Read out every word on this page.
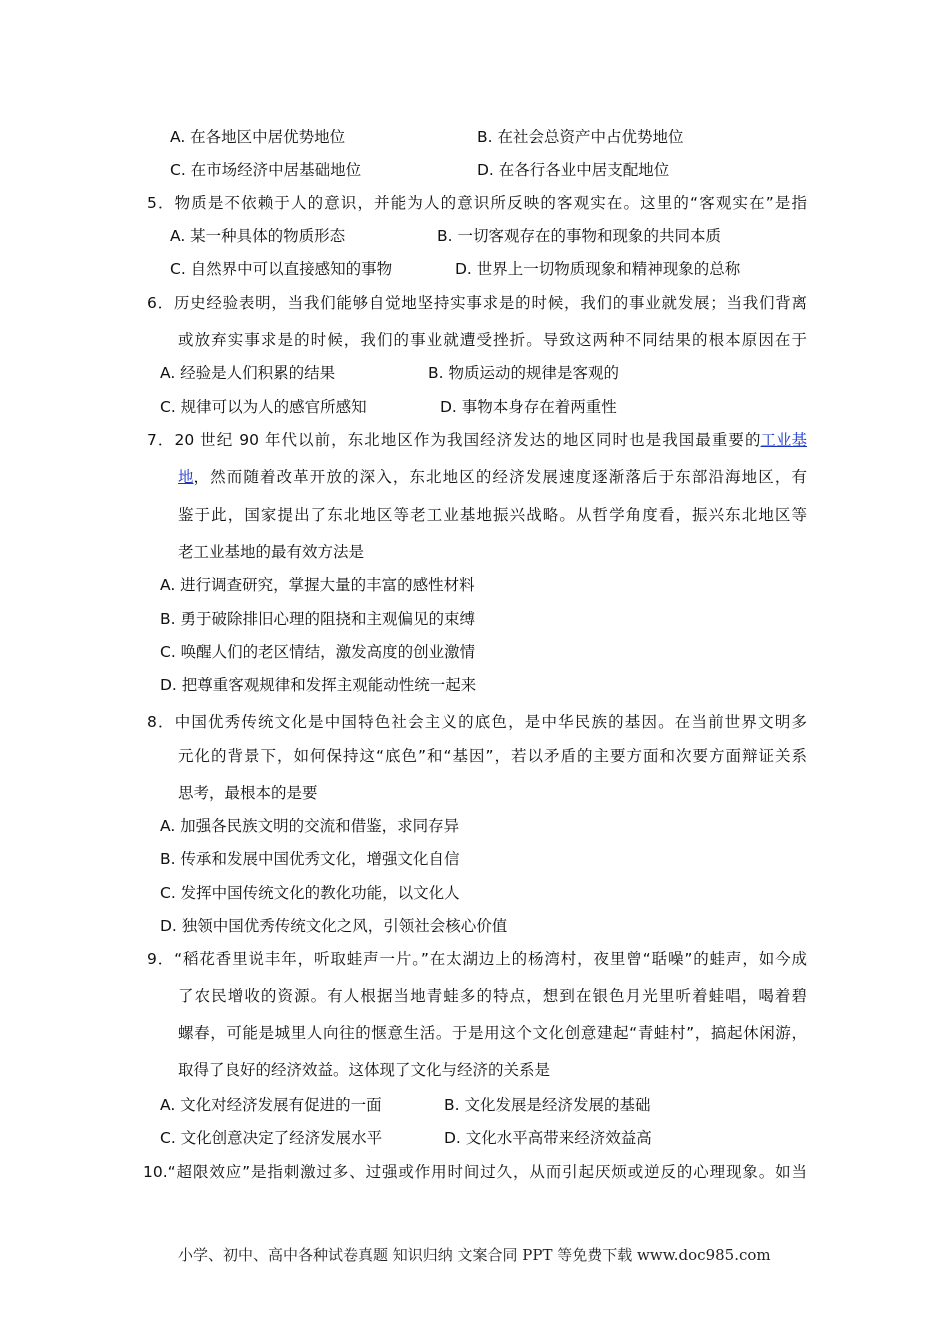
A. 在各地区中居优势地位	B. 在社会总资产中占优势地位
C. 在市场经济中居基础地位	D. 在各行各业中居支配地位
5．物质是不依赖于人的意识，并能为人的意识所反映的客观实在。这里的“客观实在”是指
A. 某一种具体的物质形态	B. 一切客观存在的事物和现象的共同本质
C. 自然界中可以直接感知的事物	D. 世界上一切物质现象和精神现象的总称
6．历史经验表明，当我们能够自觉地坚持实事求是的时候，我们的事业就发展；当我们背离
或放弃实事求是的时候，我们的事业就遭受挫折。导致这两种不同结果的根本原因在于
A. 经验是人们积累的结果	B. 物质运动的规律是客观的
C. 规律可以为人的感官所感知	D. 事物本身存在着两重性
7．20 世纪 90 年代以前，东北地区作为我国经济发达的地区同时也是我国最重要的 工业基
地 ，然而随着改革开放的深入，东北地区的经济发展速度逐渐落后于东部沿海地区，有
鉴于此，国家提出了东北地区等老工业基地振兴战略。从哲学角度看，振兴东北地区等
老工业基地的最有效方法是
A. 进行调查研究，掌握大量的丰富的感性材料
B. 勇于破除排旧心理的阻挠和主观偏见的束缚
C. 唤醒人们的老区情结，激发高度的创业激情
D. 把尊重客观规律和发挥主观能动性统一起来
8．中国优秀传统文化是中国特色社会主义的底色，是中华民族的基因。在当前世界文明多
元化的背景下，如何保持这“底色”和“基因”，若以矛盾的主要方面和次要方面辩证关系
思考，最根本的是要
A. 加强各民族文明的交流和借鉴，求同存异
B. 传承和发展中国优秀文化，增强文化自信
C. 发挥中国传统文化的教化功能，以文化人
D. 独领中国优秀传统文化之风，引领社会核心价值
9．“稻花香里说丰年，听取蛙声一片。”在太湖边上的杨湾村，夜里曾“聒噪”的蛙声，如今成
了农民增收的资源。有人根据当地青蛙多的特点，想到在银色月光里听着蛙唱，喝着碧
螺春，可能是城里人向往的惬意生活。于是用这个文化创意建起“青蛙村”，搞起休闲游，
取得了良好的经济效益。这体现了文化与经济的关系是
A. 文化对经济发展有促进的一面	B. 文化发展是经济发展的基础
C. 文化创意决定了经济发展水平	D. 文化水平高带来经济效益高
10.“超限效应”是指刺激过多、过强或作用时间过久，从而引起厌烦或逆反的心理现象。如当
小学、初中、高中各种试卷真题 知识归纳 文案合同 PPT 等免费下载 www.doc985.com
